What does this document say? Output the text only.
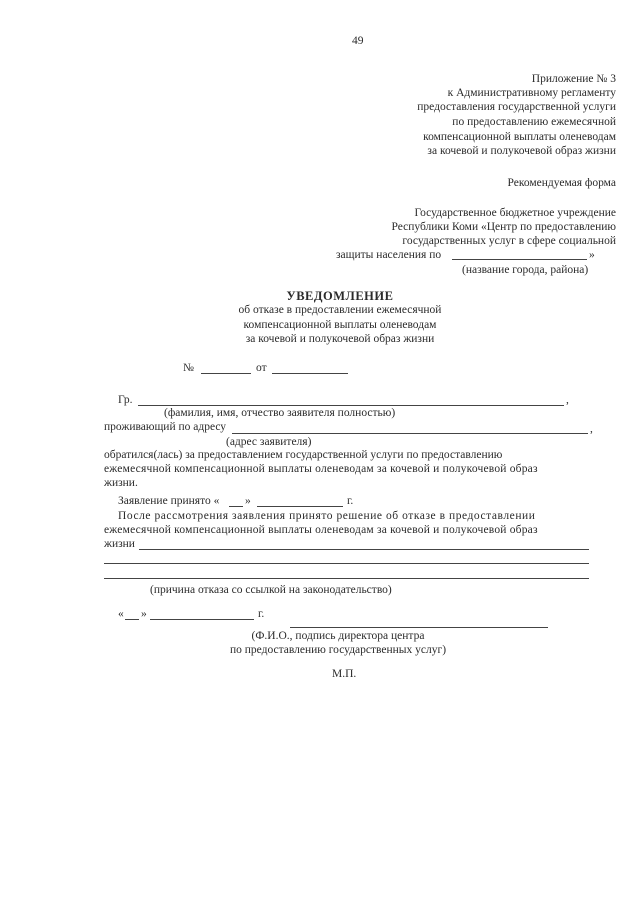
49
Приложение № 3
к Административному регламенту
предоставления государственной услуги
по предоставлению ежемесячной
компенсационной выплаты оленеводам
за кочевой и полукочевой образ жизни
Рекомендуемая форма
Государственное бюджетное учреждение
Республики Коми «Центр по предоставлению
государственных услуг в сфере социальной
защиты населения по	»
(название города, района)
УВЕДОМЛЕНИЕ
об отказе в предоставлении ежемесячной
компенсационной выплаты оленеводам
за кочевой и полукочевой образ жизни
№	от
Гр.	,
(фамилия, имя, отчество заявителя полностью)
проживающий по адресу	,
(адрес заявителя)
обратился(лась) за предоставлением государственной услуги по предоставлению
ежемесячной компенсационной выплаты оленеводам за кочевой и полукочевой образ
жизни.
Заявление принято « »	г.
После рассмотрения заявления принято решение об отказе в предоставлении
ежемесячной компенсационной выплаты оленеводам за кочевой и полукочевой образ
жизни
(причина отказа со ссылкой на законодательство)
« »	г.
(Ф.И.О., подпись директора центра
по предоставлению государственных услуг)
М.П.
